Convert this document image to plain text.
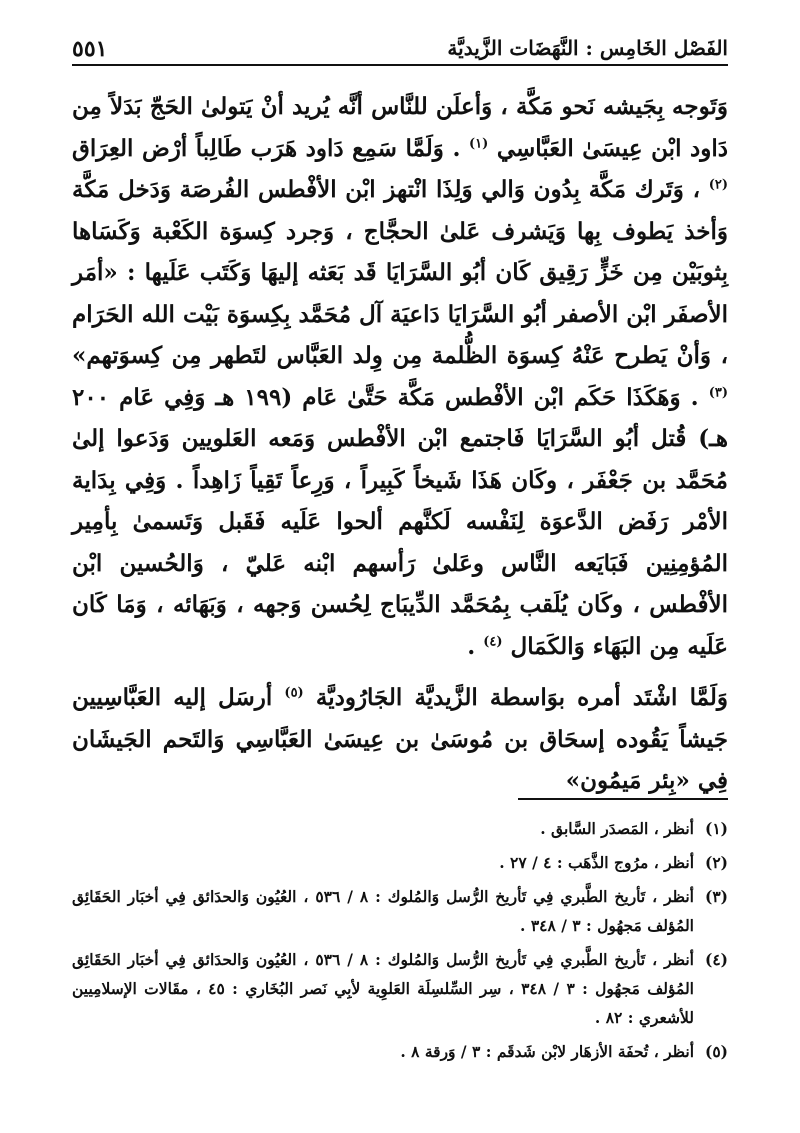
الفَصْل الخَامِس : النَّهَضَات الزَّيديَّة
٥٥١

وَتَوجه بِجَيشه نَحو مَكَّة ، وَأعلَن للنَّاس أنَّه يُريد أنْ يَتولىٰ الحَجّ بَدَلاً مِن دَاود ابْن عِيسَىٰ العَبَّاسِي $^{(١)}$ . وَلَمَّا سَمِع دَاود هَرَب طَالِباً أرْض العِرَاق $^{(٢)}$ ، وَتَرك مَكَّة بِدُون وَالي وَلِذَا انْتهز ابْن الأفْطس الفُرصَة وَدَخل مَكَّة وَأخذ يَطوف بِها وَيَشرف عَلىٰ الحجَّاج ، وَجرد كِسوَة الكَعْبة وَكَسَاها بِثوبَيْن مِن خَزٍّ رَقِيق كَان أبُو السَّرَايَا قَد بَعَثه إليهَا وَكَتَب عَلَيها : «أمَر الأصفَر ابْن الأصفر أبُو السَّرَايَا دَاعيَة آل مُحَمَّد بِكِسوَة بَيْت الله الحَرَام ، وَأنْ يَطرح عَنْهُ كِسوَة الظُّلمة مِن وِلد العَبَّاس لتَطهر مِن كِسوَتهم» $^{(٣)}$ . وَهَكَذَا حَكَم ابْن الأفْطس مَكَّة حَتَّىٰ عَام (١٩٩ هـ وَفِي عَام ٢٠٠ هـ) قُتل أبُو السَّرَايَا فَاجتمع ابْن الأفْطس وَمَعه العَلويين وَدَعوا إلىٰ مُحَمَّد بن جَعْفَر ، وكَان هَذَا شَيخاً كَبِيراً ، وَرِعاً تَقِياً زَاهِداً . وَفِي بِدَاية الأمْر رَفَض الدَّعوَة لِنَفْسه لَكنَّهم ألحوا عَلَيه فَقَبل وَتَسمىٰ بِأمِير المُؤمِنِين فَبَايَعه النَّاس وعَلىٰ رَأسهم ابْنه عَليّ ، وَالحُسين ابْن الأفْطس ، وكَان يُلَقب بِمُحَمَّد الدِّيبَاج لِحُسن وَجهه ، وَبَهَائه ، وَمَا كَان عَلَيه مِن البَهَاء وَالكَمَال $^{(٤)}$ .

وَلَمَّا اشْتَد أمره بوَاسطة الزَّيديَّة الجَارُوديَّة $^{(٥)}$ أرسَل إليه العَبَّاسِيين جَيشاً يَقُوده إسحَاق بن مُوسَىٰ بن عِيسَىٰ العَبَّاسِي وَالتَحم الجَيشَان فِي «بِئر مَيمُون»

(١)
أنظر ، المَصدَر السَّابق .
(٢)
أنظر ، مرُوج الذَّهَب : ٤ / ٢٧ .
(٣)
أنظر ، تَأريخ الطَّبري فِي تَأريخ الرُّسل وَالمُلوك : ٨ / ٥٣٦ ، العُيُون وَالحدَائق فِي أخبَار الحَقَائِق المُؤلف مَجهُول : ٣ / ٣٤٨ .
(٤)
أنظر ، تَأريخ الطَّبري فِي تَأريخ الرُّسل وَالمُلوك : ٨ / ٥٣٦ ، العُيُون وَالحدَائق فِي أخبَار الحَقَائِق المُؤلف مَجهُول : ٣ / ٣٤٨ ، سِر السِّلسِلَة العَلوِية لأبِي نَصر البُخَاري : ٤٥ ، مقَالات الإسلامِيين للأشعري : ٨٢ .
(٥)
أنظر ، تُحفَة الأزهَار لابْن شَدقَم : ٣ / وَرقة ٨ .
